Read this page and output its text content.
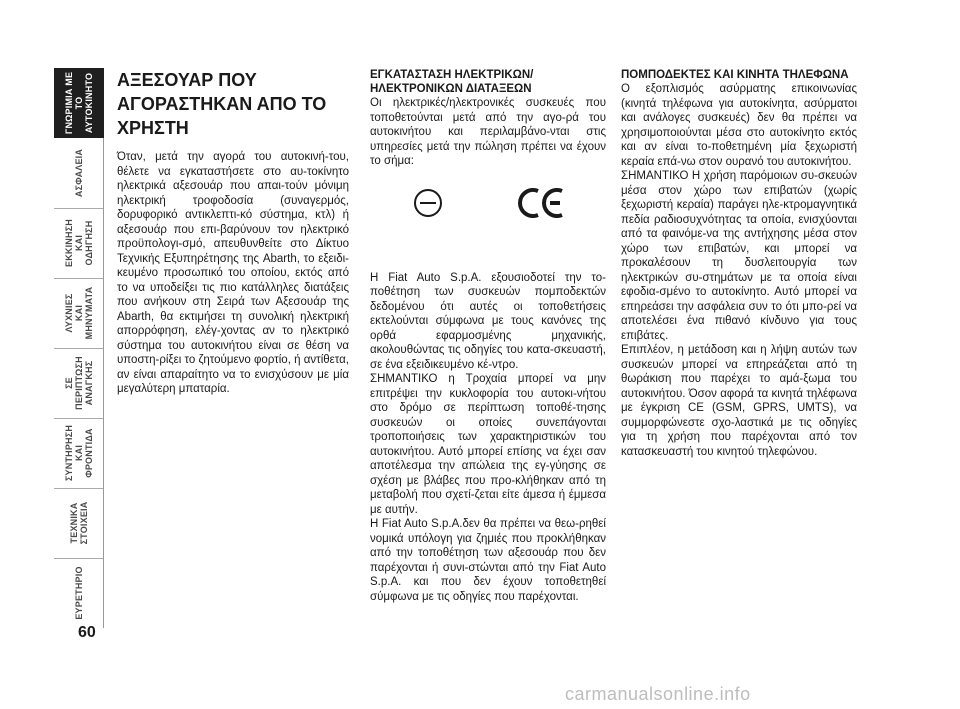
ΓΝΩΡΙΜΙΑ ΜΕ
ΤΟ
ΑΥΤΟΚΙΝΗΤΟ
ΑΣΦΑΛΕΙΑ
ΕΚΚΙΝΗΣΗ
ΚΑΙ
ΟΔΗΓΗΣΗ
ΛΥΧΝΙΕΣ
ΚΑΙ
ΜΗΝΥΜΑΤΑ
ΣΕ
ΠΕΡΙΠΤΩΣΗ
ΑΝΑΓΚΗΣ
ΣΥΝΤΗΡΗΣΗ
ΚΑΙ
ΦΡΟΝΤΙΔΑ
ΤΕΧΝΙΚΑ
ΣΤΟΙΧΕΙΑ
ΕΥΡΕΤΗΡΙΟ
60
ΑΞΕΣΟΥΑΡ ΠΟΥ ΑΓΟΡΑΣΤΗΚΑΝ ΑΠΟ ΤΟ ΧΡΗΣΤΗ

Όταν, μετά την αγορά του αυτοκινή-του, θέλετε να εγκαταστήσετε στο αυ-τοκίνητο ηλεκτρικά αξεσουάρ που απαι-τούν μόνιμη ηλεκτρική τροφοδοσία (συναγερμός, δορυφορικό αντικλεπτι-κό σύστημα, κτλ) ή αξεσουάρ που επι-βαρύνουν τον ηλεκτρικό προϋπολογι-σμό, απευθυνθείτε στο Δίκτυο Τεχνικής Εξυπηρέτησης της Abarth, το εξειδι-κευμένο προσωπικό του οποίου, εκτός από το να υποδείξει τις πιο κατάλληλες διατάξεις που ανήκουν στη Σειρά των Αξεσουάρ της Abarth, θα εκτιμήσει τη συνολική ηλεκτρική απορρόφηση, ελέγ-χοντας αν το ηλεκτρικό σύστημα του αυτοκινήτου είναι σε θέση να υποστη-ρίξει το ζητούμενο φορτίο, ή αντίθετα, αν είναι απαραίτητο να το ενισχύσουν με μία μεγαλύτερη μπαταρία.

ΕΓΚΑΤΑΣΤΑΣΗ ΗΛΕΚΤΡΙΚΩΝ/ ΗΛΕΚΤΡΟΝΙΚΩΝ ΔΙΑΤΑΞΕΩΝ

Οι ηλεκτρικές/ηλεκτρονικές συσκευές που τοποθετούνται μετά από την αγο-ρά του αυτοκινήτου και περιλαμβάνο-νται στις υπηρεσίες μετά την πώληση πρέπει να έχουν το σήμα:

Η Fiat Auto S.p.A. εξουσιοδοτεί την το-ποθέτηση των συσκευών πομποδεκτών δεδομένου ότι αυτές οι τοποθετήσεις εκτελούνται σύμφωνα με τους κανόνες της ορθά εφαρμοσμένης μηχανικής, ακολουθώντας τις οδηγίες του κατα-σκευαστή, σε ένα εξειδικευμένο κέ-ντρο.

ΣΗΜΑΝΤΙΚΟ η Τροχαία μπορεί να μην επιτρέψει την κυκλοφορία του αυτοκι-νήτου στο δρόμο σε περίπτωση τοποθέ-τησης συσκευών οι οποίες συνεπάγονται τροποποιήσεις των χαρακτηριστικών του αυτοκινήτου. Αυτό μπορεί επίσης να έχει σαν αποτέλεσμα την απώλεια της εγ-γύησης σε σχέση με βλάβες που προ-κλήθηκαν από τη μεταβολή που σχετί-ζεται είτε άμεσα ή έμμεσα με αυτήν.

Η Fiat Auto S.p.A.δεν θα πρέπει να θεω-ρηθεί νομικά υπόλογη για ζημιές που προκλήθηκαν από την τοποθέτηση των αξεσουάρ που δεν παρέχονται ή συνι-στώνται από την Fiat Auto S.p.A. και που δεν έχουν τοποθετηθεί σύμφωνα με τις οδηγίες που παρέχονται.

ΠΟΜΠΟΔΕΚΤΕΣ ΚΑΙ ΚΙΝΗΤΑ ΤΗΛΕΦΩΝΑ

Ο εξοπλισμός ασύρματης επικοινωνίας (κινητά τηλέφωνα για αυτοκίνητα, ασύρματοι και ανάλογες συσκευές) δεν θα πρέπει να χρησιμοποιούνται μέσα στο αυτοκίνητο εκτός και αν είναι το-ποθετημένη μία ξεχωριστή κεραία επά-νω στον ουρανό του αυτοκινήτου.

ΣΗΜΑΝΤΙΚΟ Η χρήση παρόμοιων συ-σκευών μέσα στον χώρο των επιβατών (χωρίς ξεχωριστή κεραία) παράγει ηλε-κτρομαγνητικά πεδία ραδιοσυχνότητας τα οποία, ενισχύονται από τα φαινόμε-να της αντήχησης μέσα στον χώρο των επιβατών, και μπορεί να προκαλέσουν τη δυσλειτουργία των ηλεκτρικών συ-στημάτων με τα οποία είναι εφοδια-σμένο το αυτοκίνητο. Αυτό μπορεί να επηρεάσει την ασφάλεια συν το ότι μπο-ρεί να αποτελέσει ένα πιθανό κίνδυνο για τους επιβάτες.

Επιπλέον, η μετάδοση και η λήψη αυτών των συσκευών μπορεί να επηρεάζεται από τη θωράκιση που παρέχει το αμά-ξωμα του αυτοκινήτου. Όσον αφορά τα κινητά τηλέφωνα με έγκριση CE (GSM, GPRS, UMTS), να συμμορφώνεστε σχο-λαστικά με τις οδηγίες για τη χρήση που παρέχονται από τον κατασκευαστή του κινητού τηλεφώνου.

carmanualsonline.info
